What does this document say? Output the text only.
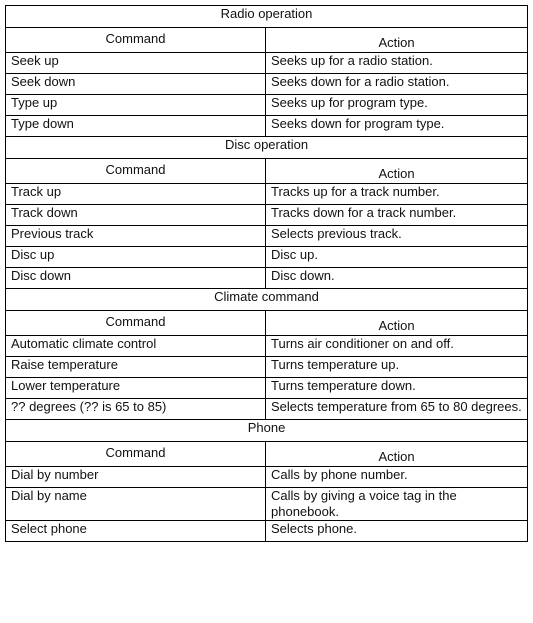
Radio operation	
Command	Action
Seek up	Seeks up for a radio station.
Seek down	Seeks down for a radio station.
Type up	Seeks up for program type.
Type down	Seeks down for program type.
Disc operation	
Command	Action
Track up	Tracks up for a track number.
Track down	Tracks down for a track number.
Previous track	Selects previous track.
Disc up	Disc up.
Disc down	Disc down.
Climate command	
Command	Action
Automatic climate control	Turns air conditioner on and off.
Raise temperature	Turns temperature up.
Lower temperature	Turns temperature down.
?? degrees (?? is 65 to 85)	Selects temperature from 65 to 80 degrees.
Phone	
Command	Action
Dial by number	Calls by phone number.
Dial by name	Calls by giving a voice tag in the phonebook.
Select phone	Selects phone.
